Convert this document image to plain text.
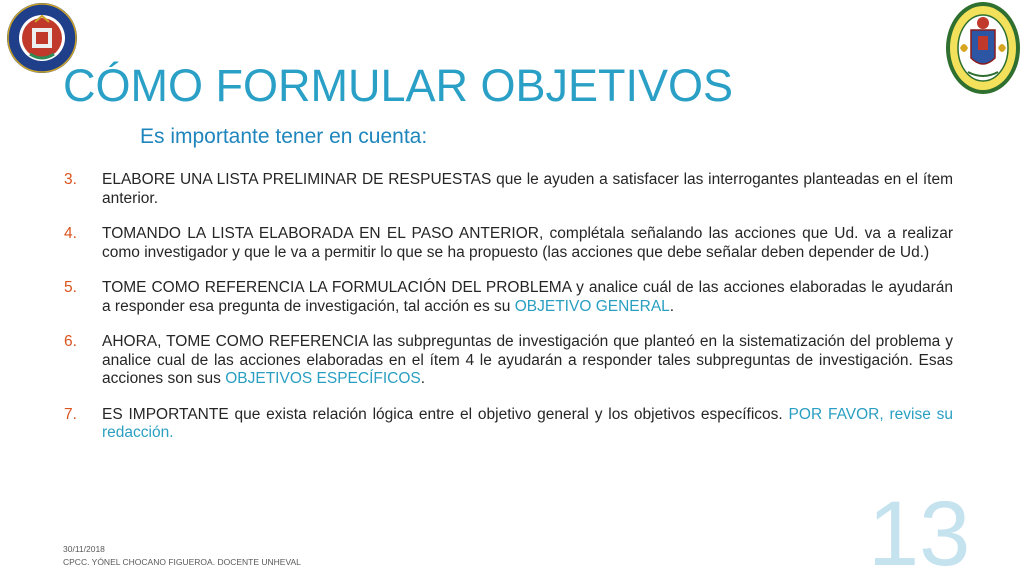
CÓMO FORMULAR OBJETIVOS
Es importante tener en cuenta:
3.	ELABORE UNA LISTA PRELIMINAR DE RESPUESTAS que le ayuden a satisfacer las interrogantes planteadas en el ítem anterior.
4.	TOMANDO LA LISTA ELABORADA EN EL PASO ANTERIOR, complétala señalando las acciones que Ud. va a realizar como investigador y que le va a permitir lo que se ha propuesto (las acciones que debe señalar deben depender de Ud.)
5.	TOME COMO REFERENCIA LA FORMULACIÓN DEL PROBLEMA y analice cuál de las acciones elaboradas le ayudarán a responder esa pregunta de investigación, tal acción es su OBJETIVO GENERAL.
6.	AHORA, TOME COMO REFERENCIA las subpreguntas de investigación que planteó en la sistematización del problema y analice cual de las acciones elaboradas en el ítem 4 le ayudarán a responder tales subpreguntas de investigación. Esas acciones son sus OBJETIVOS ESPECÍFICOS.
7.	ES IMPORTANTE que exista relación lógica entre el objetivo general y los objetivos específicos. POR FAVOR, revise su redacción.
30/11/2018
CPCC. YÓNEL CHOCANO FIGUEROA. DOCENTE UNHEVAL	13
